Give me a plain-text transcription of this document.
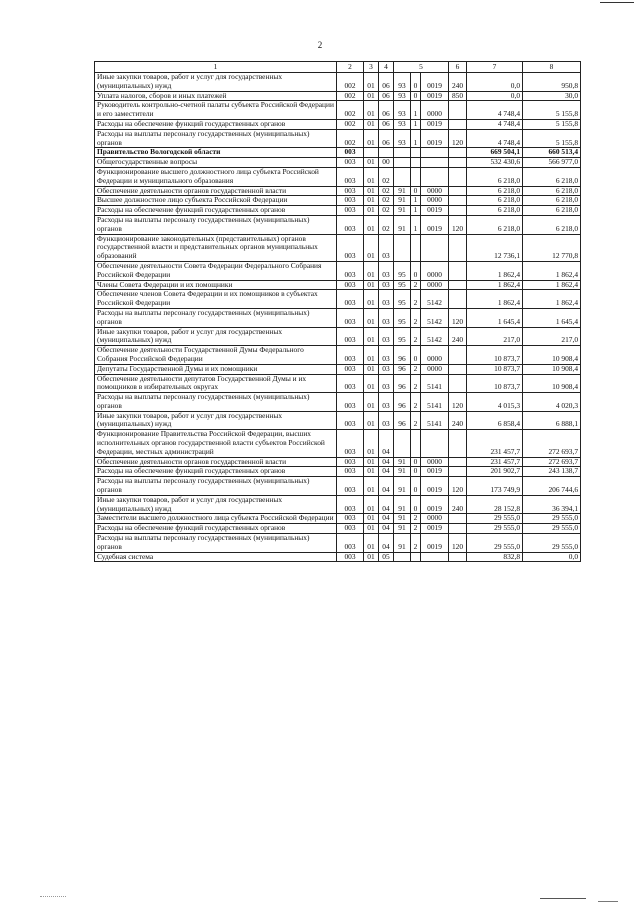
2
1	2	3	4	5			6	7	8
Иные закупки товаров, работ и услуг для государственных (муниципальных) нужд	002	01	06	93	0	0019	240	0,0	950,8
Уплата налогов, сборов и иных платежей	002	01	06	93	0	0019	850	0,0	30,0
Руководитель контрольно-счетной палаты субъекта Российской Федерации и его заместители	002	01	06	93	1	0000		4 748,4	5 155,8
Расходы на обеспечение функций государственных органов	002	01	06	93	1	0019		4 748,4	5 155,8
Расходы на выплаты персоналу государственных (муниципальных) органов	002	01	06	93	1	0019	120	4 748,4	5 155,8
Правительство Вологодской области	003							669 504,1	660 513,4
Общегосударственные вопросы	003	01	00					532 430,6	566 977,0
Функционирование высшего должностного лица субъекта Российской Федерации и муниципального образования	003	01	02					6 218,0	6 218,0
Обеспечение деятельности органов государственной власти	003	01	02	91	0	0000		6 218,0	6 218,0
Высшее должностное лицо субъекта Российской Федерации	003	01	02	91	1	0000		6 218,0	6 218,0
Расходы на обеспечение функций государственных органов	003	01	02	91	1	0019		6 218,0	6 218,0
Расходы на выплаты персоналу государственных (муниципальных) органов	003	01	02	91	1	0019	120	6 218,0	6 218,0
Функционирование законодательных (представительных) органов государственной власти и представительных органов муниципальных образований	003	01	03					12 736,1	12 770,8
Обеспечение деятельности Совета Федерации Федерального Собрания Российской Федерации	003	01	03	95	0	0000		1 862,4	1 862,4
Члены Совета Федерации и их помощники	003	01	03	95	2	0000		1 862,4	1 862,4
Обеспечение членов Совета Федерации и их помощников в субъектах Российской Федерации	003	01	03	95	2	5142		1 862,4	1 862,4
Расходы на выплаты персоналу государственных (муниципальных) органов	003	01	03	95	2	5142	120	1 645,4	1 645,4
Иные закупки товаров, работ и услуг для государственных (муниципальных) нужд	003	01	03	95	2	5142	240	217,0	217,0
Обеспечение деятельности Государственной Думы Федерального Собрания Российской Федерации	003	01	03	96	0	0000		10 873,7	10 908,4
Депутаты Государственной Думы и их помощники	003	01	03	96	2	0000		10 873,7	10 908,4
Обеспечение деятельности депутатов Государственной Думы и их помощников в избирательных округах	003	01	03	96	2	5141		10 873,7	10 908,4
Расходы на выплаты персоналу государственных (муниципальных) органов	003	01	03	96	2	5141	120	4 015,3	4 020,3
Иные закупки товаров, работ и услуг для государственных (муниципальных) нужд	003	01	03	96	2	5141	240	6 858,4	6 888,1
Функционирование Правительства Российской Федерации, высших исполнительных органов государственной власти субъектов Российской Федерации, местных администраций	003	01	04					231 457,7	272 693,7
Обеспечение деятельности органов государственной власти	003	01	04	91	0	0000		231 457,7	272 693,7
Расходы на обеспечение функций государственных органов	003	01	04	91	0	0019		201 902,7	243 138,7
Расходы на выплаты персоналу государственных (муниципальных) органов	003	01	04	91	0	0019	120	173 749,9	206 744,6
Иные закупки товаров, работ и услуг для государственных (муниципальных) нужд	003	01	04	91	0	0019	240	28 152,8	36 394,1
Заместители высшего должностного лица субъекта Российской Федерации	003	01	04	91	2	0000		29 555,0	29 555,0
Расходы на обеспечение функций государственных органов	003	01	04	91	2	0019		29 555,0	29 555,0
Расходы на выплаты персоналу государственных (муниципальных) органов	003	01	04	91	2	0019	120	29 555,0	29 555,0
Судебная система	003	01	05					832,8	0,0
